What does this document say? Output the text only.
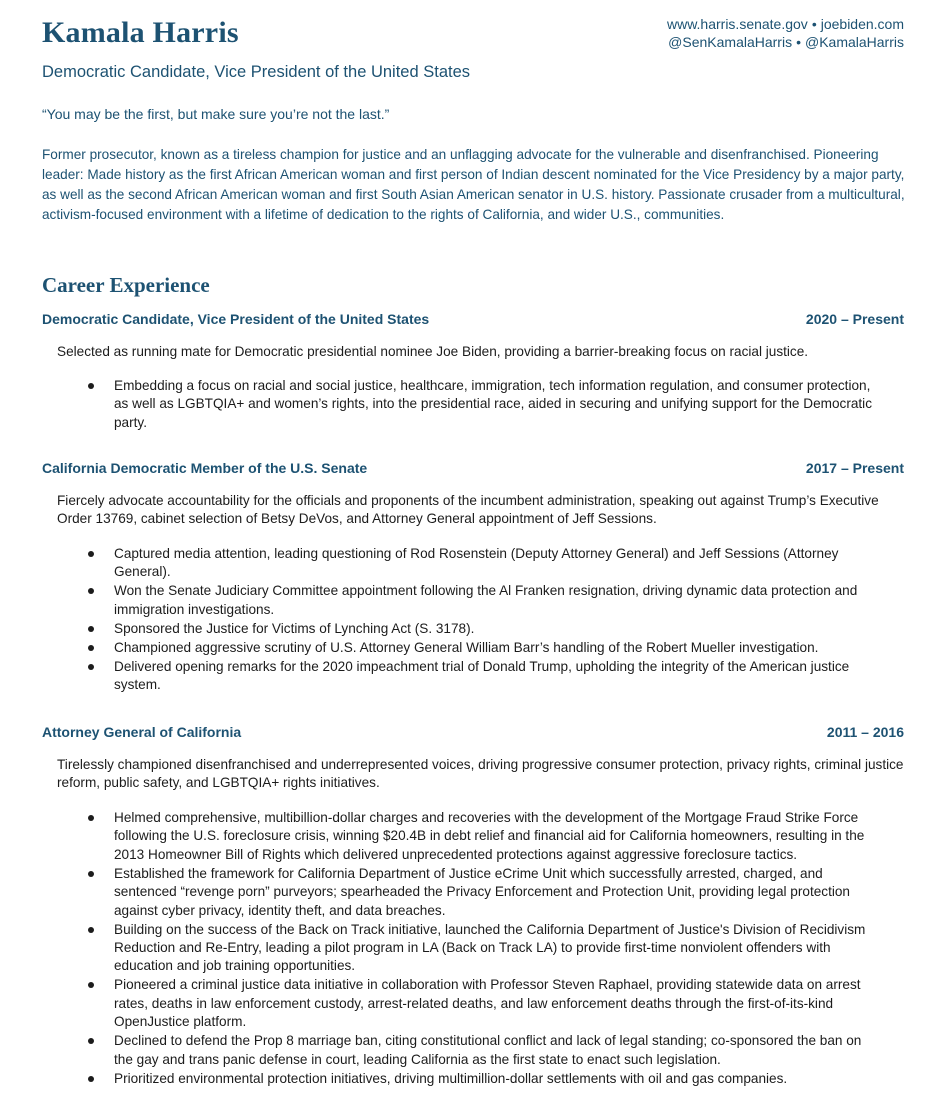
Kamala Harris	www.harris.senate.gov • joebiden.com
@SenKamalaHarris • @KamalaHarris
Democratic Candidate, Vice President of the United States
“You may be the first, but make sure you’re not the last.”

Former prosecutor, known as a tireless champion for justice and an unflagging advocate for the vulnerable and disenfranchised. Pioneering leader: Made history as the first African American woman and first person of Indian descent nominated for the Vice Presidency by a major party, as well as the second African American woman and first South Asian American senator in U.S. history. Passionate crusader from a multicultural, activism-focused environment with a lifetime of dedication to the rights of California, and wider U.S., communities.

Career Experience
Democratic Candidate, Vice President of the United States	2020 – Present

Selected as running mate for Democratic presidential nominee Joe Biden, providing a barrier-breaking focus on racial justice.

Embedding a focus on racial and social justice, healthcare, immigration, tech information regulation, and consumer protection, as well as LGBTQIA+ and women’s rights, into the presidential race, aided in securing and unifying support for the Democratic party.
California Democratic Member of the U.S. Senate	2017 – Present

Fiercely advocate accountability for the officials and proponents of the incumbent administration, speaking out against Trump’s Executive Order 13769, cabinet selection of Betsy DeVos, and Attorney General appointment of Jeff Sessions.

Captured media attention, leading questioning of Rod Rosenstein (Deputy Attorney General) and Jeff Sessions (Attorney General).
Won the Senate Judiciary Committee appointment following the Al Franken resignation, driving dynamic data protection and immigration investigations.
Sponsored the Justice for Victims of Lynching Act (S. 3178).
Championed aggressive scrutiny of U.S. Attorney General William Barr’s handling of the Robert Mueller investigation.
Delivered opening remarks for the 2020 impeachment trial of Donald Trump, upholding the integrity of the American justice system.
Attorney General of California	2011 – 2016

Tirelessly championed disenfranchised and underrepresented voices, driving progressive consumer protection, privacy rights, criminal justice reform, public safety, and LGBTQIA+ rights initiatives.

Helmed comprehensive, multibillion-dollar charges and recoveries with the development of the Mortgage Fraud Strike Force following the U.S. foreclosure crisis, winning $20.4B in debt relief and financial aid for California homeowners, resulting in the 2013 Homeowner Bill of Rights which delivered unprecedented protections against aggressive foreclosure tactics.
Established the framework for California Department of Justice eCrime Unit which successfully arrested, charged, and sentenced “revenge porn” purveyors; spearheaded the Privacy Enforcement and Protection Unit, providing legal protection against cyber privacy, identity theft, and data breaches.
Building on the success of the Back on Track initiative, launched the California Department of Justice's Division of Recidivism Reduction and Re-Entry, leading a pilot program in LA (Back on Track LA) to provide first-time nonviolent offenders with education and job training opportunities.
Pioneered a criminal justice data initiative in collaboration with Professor Steven Raphael, providing statewide data on arrest rates, deaths in law enforcement custody, arrest-related deaths, and law enforcement deaths through the first-of-its-kind OpenJustice platform.
Declined to defend the Prop 8 marriage ban, citing constitutional conflict and lack of legal standing; co-sponsored the ban on the gay and trans panic defense in court, leading California as the first state to enact such legislation.
Prioritized environmental protection initiatives, driving multimillion-dollar settlements with oil and gas companies.
